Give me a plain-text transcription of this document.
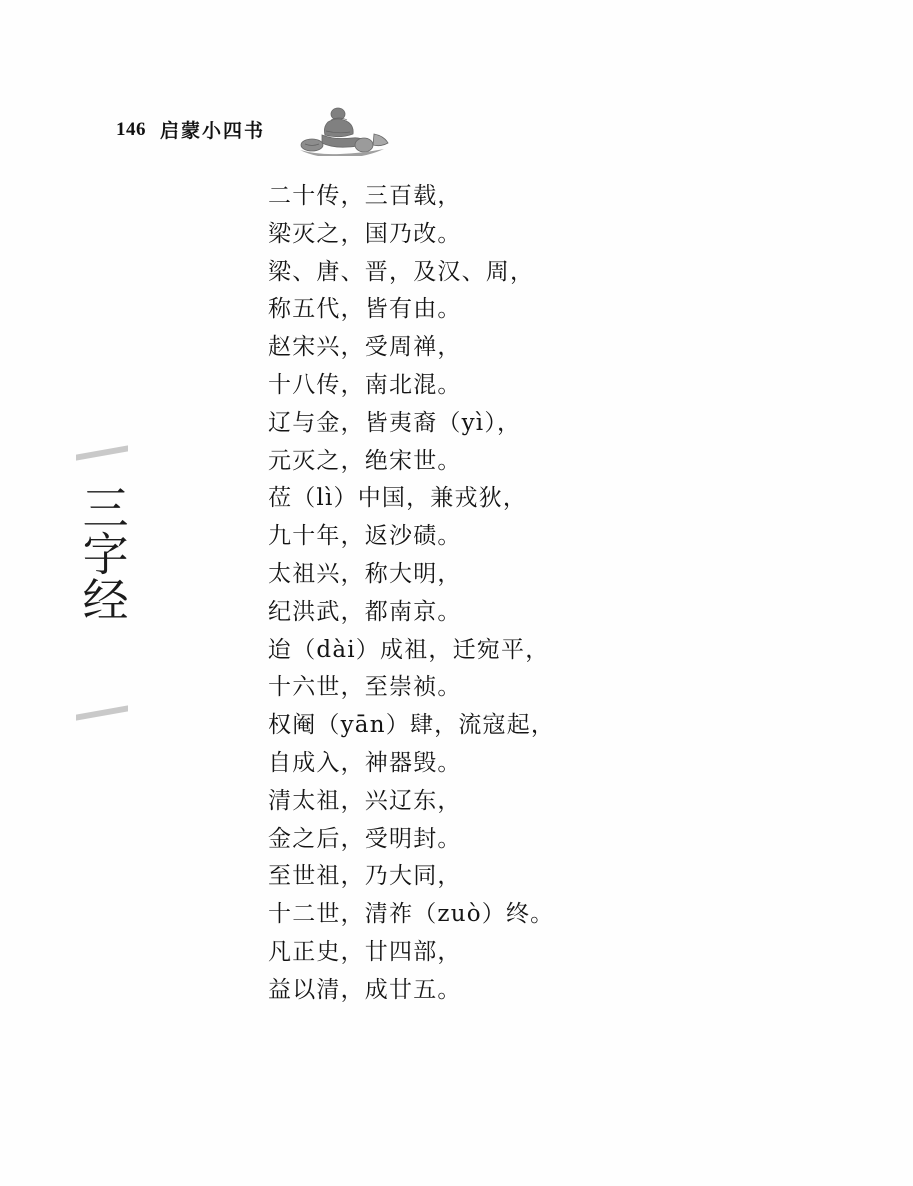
146 启蒙小四书
三字经
二十传，三百载，
梁灭之，国乃改。
梁、唐、晋，及汉、周，
称五代，皆有由。
赵宋兴，受周禅，
十八传，南北混。
辽与金，皆夷裔（yì），
元灭之，绝宋世。
莅（lì）中国，兼戎狄，
九十年，返沙碛。
太祖兴，称大明，
纪洪武，都南京。
迨（dài）成祖，迁宛平，
十六世，至崇祯。
权阉（yān）肆，流寇起，
自成入，神器毁。
清太祖，兴辽东，
金之后，受明封。
至世祖，乃大同，
十二世，清祚（zuò）终。
凡正史，廿四部，
益以清，成廿五。
